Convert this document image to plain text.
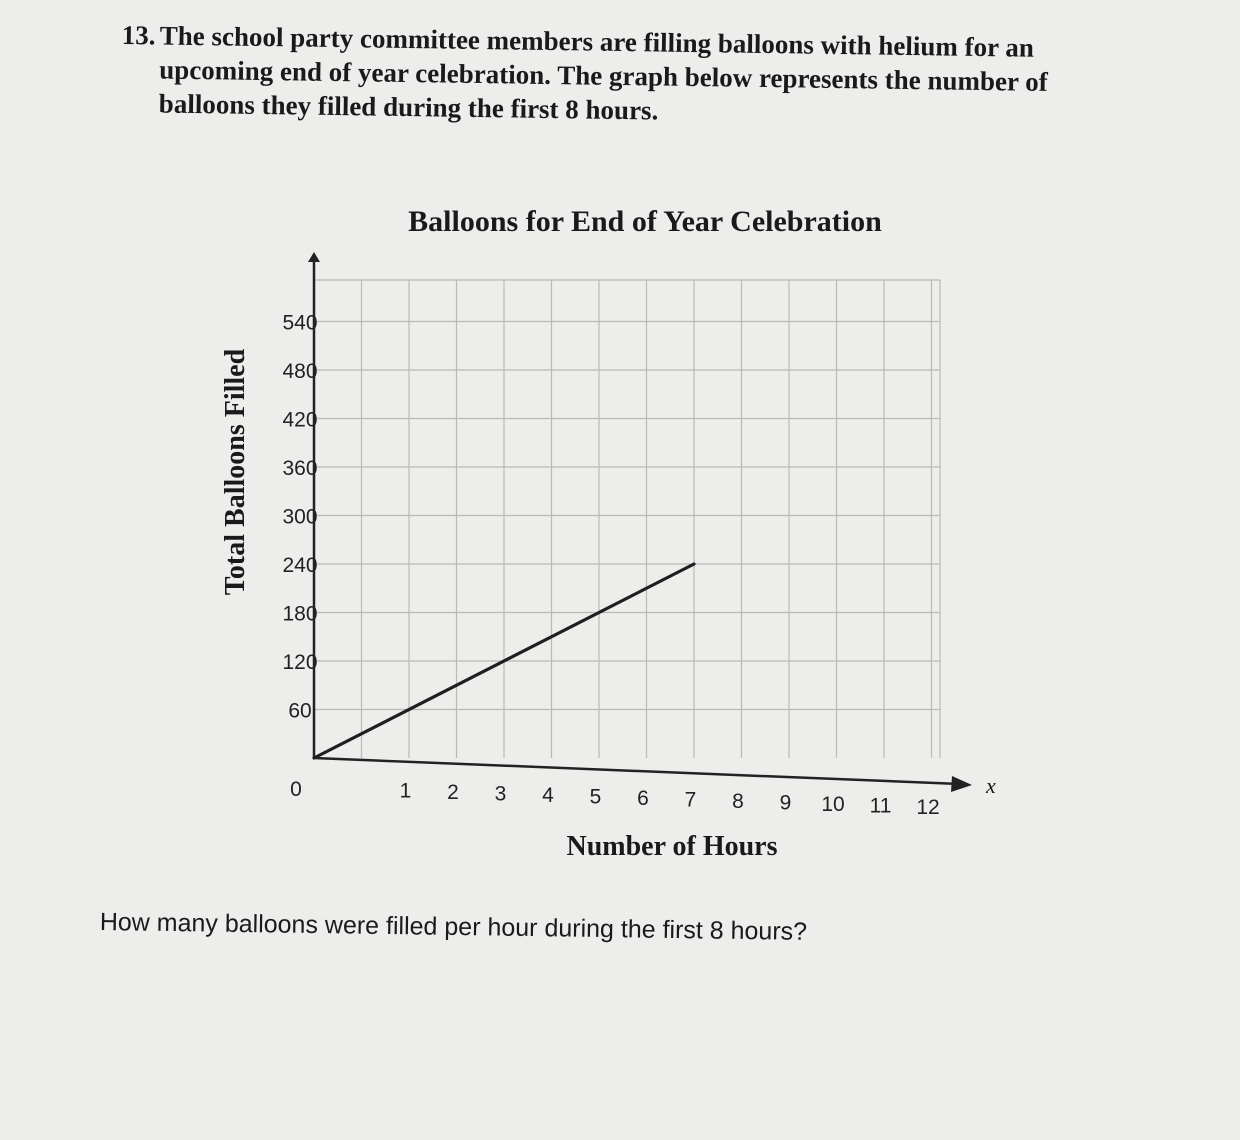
13. The school party committee members are filling balloons with helium for an
upcoming end of year celebration. The graph below represents the number of
balloons they filled during the first 8 hours.
Balloons for End of Year Celebration
Total Balloons Filled
Number of Hours
x
60
120
180
240
300
360
420
480
540
0	1 2 3 4 5 6 7 8 9 10 11 12
How many balloons were filled per hour during the first 8 hours?
